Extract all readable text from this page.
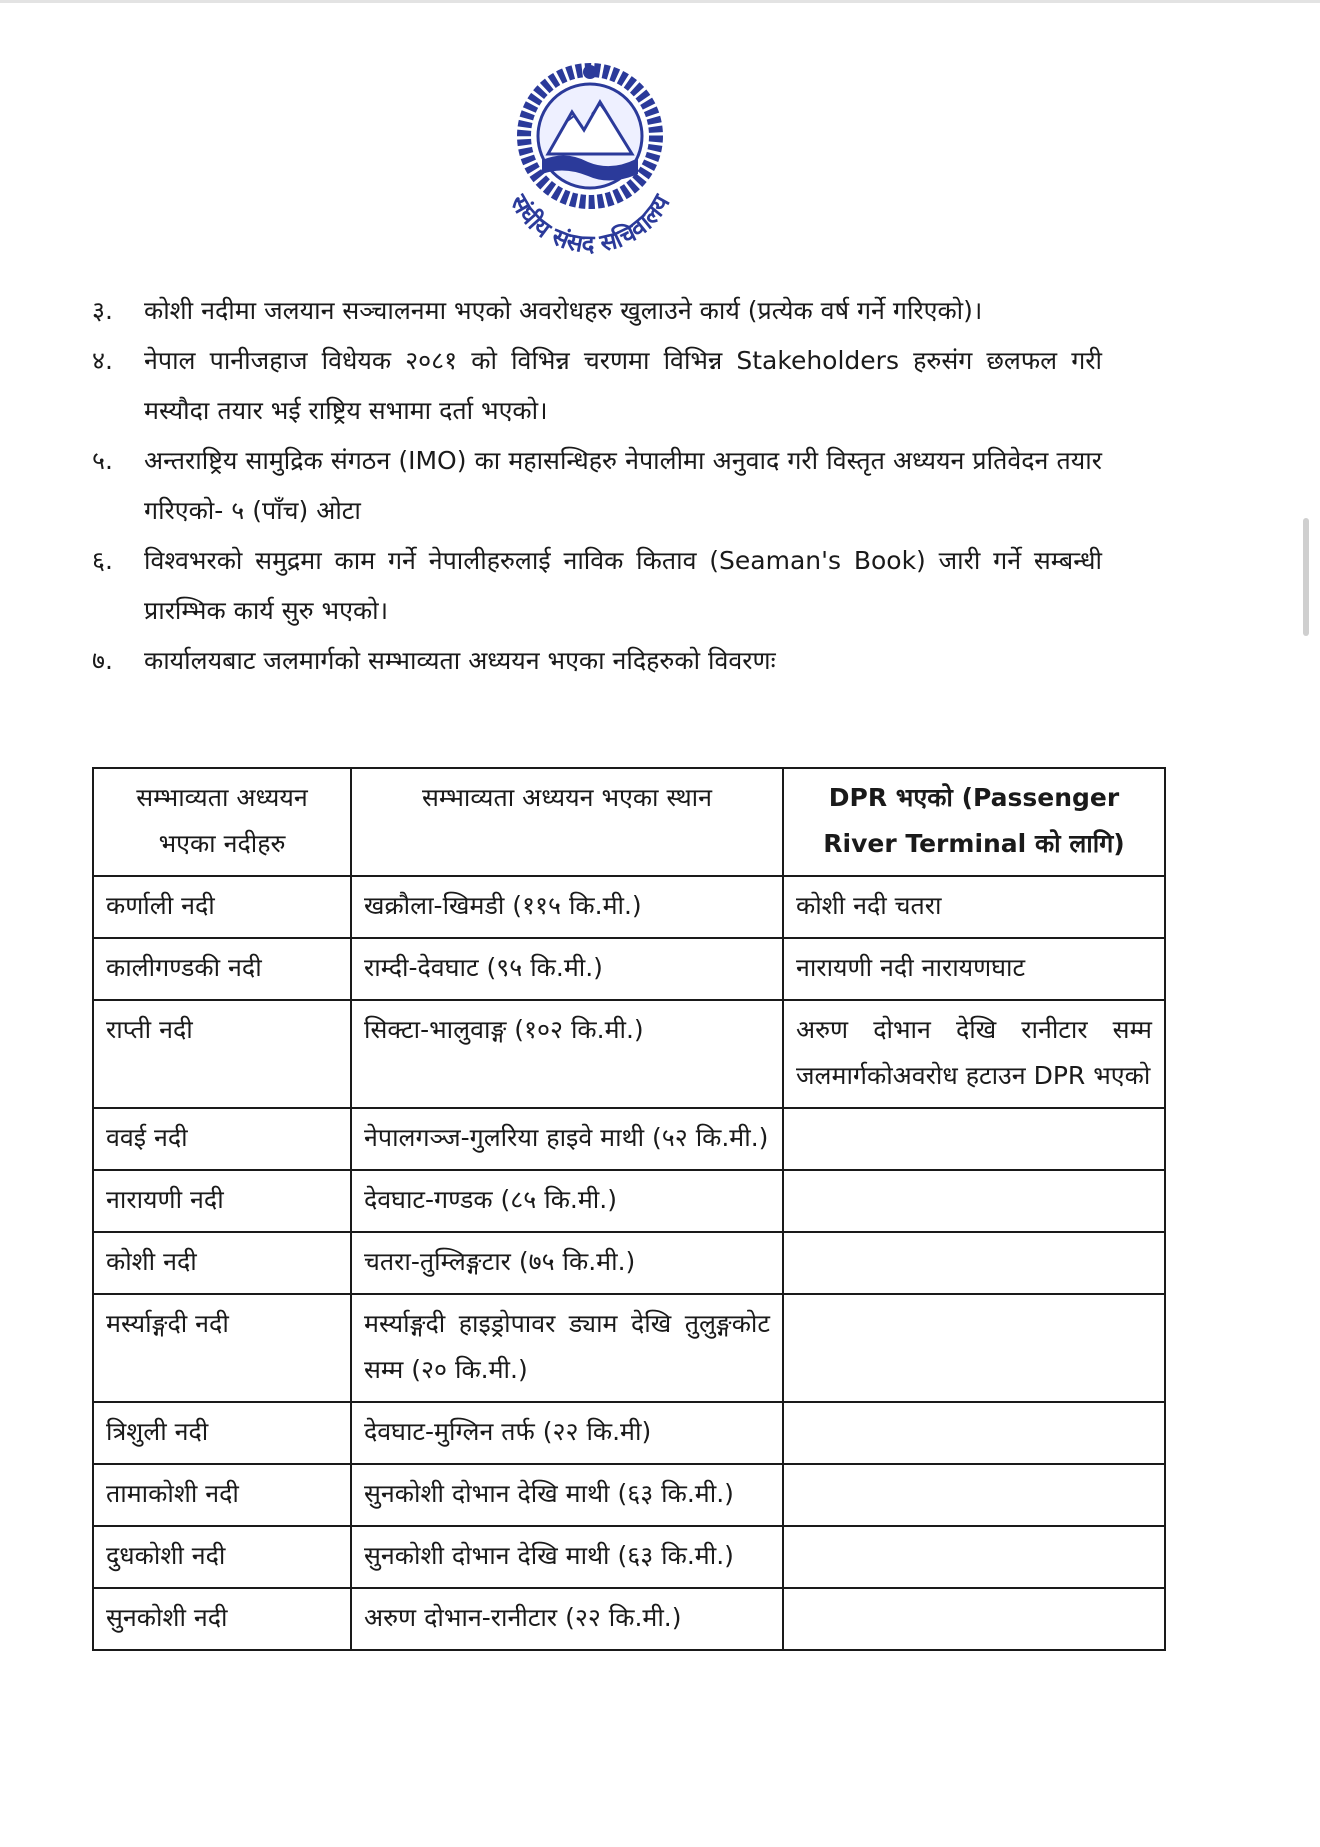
संघीय संसद सचिवालय
३. कोशी नदीमा जलयान सञ्चालनमा भएको अवरोधहरु खुलाउने कार्य (प्रत्येक वर्ष गर्ने गरिएको)।

४. नेपाल पानीजहाज विधेयक २०८१ को विभिन्न चरणमा विभिन्न Stakeholders हरुसंग छलफल गरी मस्यौदा तयार भई राष्ट्रिय सभामा दर्ता भएको।

५. अन्तराष्ट्रिय सामुद्रिक संगठन (IMO) का महासन्धिहरु नेपालीमा अनुवाद गरी विस्तृत अध्ययन प्रतिवेदन तयार गरिएको- ५ (पाँच) ओटा

६. विश्वभरको समुद्रमा काम गर्ने नेपालीहरुलाई नाविक किताव (Seaman's Book) जारी गर्ने सम्बन्धी प्रारम्भिक कार्य सुरु भएको।

७. कार्यालयबाट जलमार्गको सम्भाव्यता अध्ययन भएका नदिहरुको विवरणः

सम्भाव्यता अध्ययन भएका नदीहरु	सम्भाव्यता अध्ययन भएका स्थान	DPR भएको (Passenger River Terminal को लागि)
कर्णाली नदी	खक्रौला-खिमडी (११५ कि.मी.)	कोशी नदी चतरा
कालीगण्डकी नदी	राम्दी-देवघाट (९५ कि.मी.)	नारायणी नदी नारायणघाट
राप्ती नदी	सिक्टा-भालुवाङ्ग (१०२ कि.मी.)	अरुण दोभान देखि रानीटार सम्म जलमार्गकोअवरोध हटाउन DPR भएको
ववई नदी	नेपालगञ्ज-गुलरिया हाइवे माथी (५२ कि.मी.)	
नारायणी नदी	देवघाट-गण्डक (८५ कि.मी.)	
कोशी नदी	चतरा-तुम्लिङ्गटार (७५ कि.मी.)	
मर्स्याङ्गदी नदी	मर्स्याङ्गदी हाइड्रोपावर ड्याम देखि तुलुङ्गकोट सम्म (२० कि.मी.)	
त्रिशुली नदी	देवघाट-मुग्लिन तर्फ (२२ कि.मी)	
तामाकोशी नदी	सुनकोशी दोभान देखि माथी (६३ कि.मी.)	
दुधकोशी नदी	सुनकोशी दोभान देखि माथी (६३ कि.मी.)	
सुनकोशी नदी	अरुण दोभान-रानीटार (२२ कि.मी.)	
